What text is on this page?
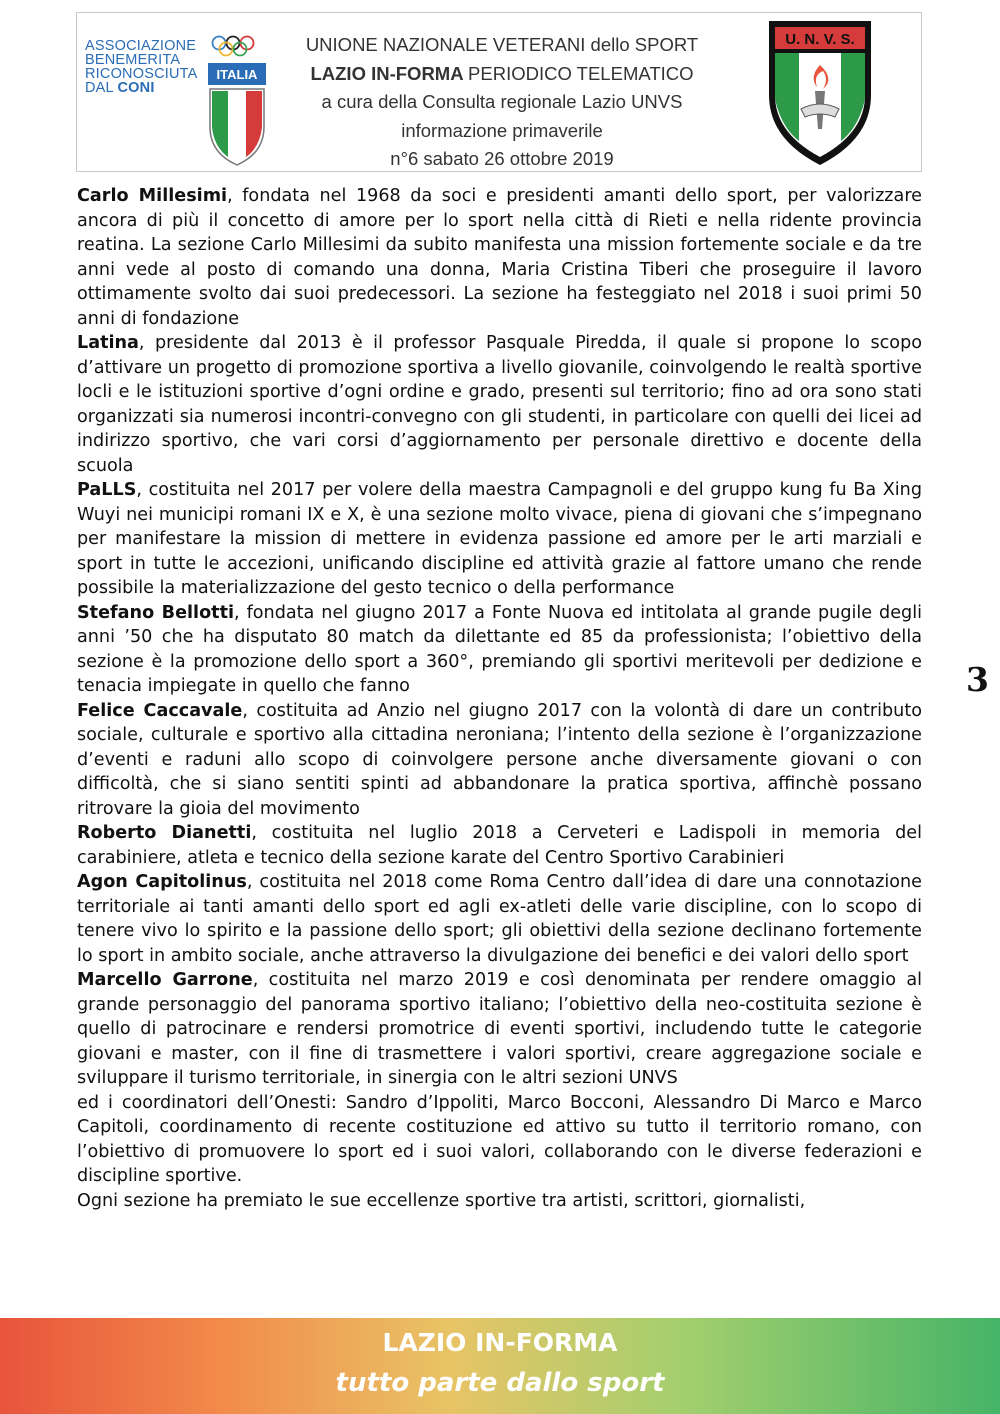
ASSOCIAZIONE
BENEMERITA
RICONOSCIUTA
DAL CONI
ITALIA
UNIONE NAZIONALE VETERANI dello SPORT
LAZIO IN-FORMA PERIODICO TELEMATICO
a cura della Consulta regionale Lazio UNVS
informazione primaverile
n°6 sabato 26 ottobre 2019
U. N. V. S.

Carlo Millesimi, fondata nel 1968 da soci e presidenti amanti dello sport, per valorizzare ancora di più il concetto di amore per lo sport nella città di Rieti e nella ridente provincia reatina. La sezione Carlo Millesimi da subito manifesta una mission fortemente sociale e da tre anni vede al posto di comando una donna, Maria Cristina Tiberi che proseguire il lavoro ottimamente svolto dai suoi predecessori. La sezione ha festeggiato nel 2018 i suoi primi 50 anni di fondazione

Latina, presidente dal 2013 è il professor Pasquale Piredda, il quale si propone lo scopo d’attivare un progetto di promozione sportiva a livello giovanile, coinvolgendo le realtà sportive locli e le istituzioni sportive d’ogni ordine e grado, presenti sul territorio; fino ad ora sono stati organizzati sia numerosi incontri-convegno con gli studenti, in particolare con quelli dei licei ad indirizzo sportivo, che vari corsi d’aggiornamento per personale direttivo e docente della scuola

PaLLS, costituita nel 2017 per volere della maestra Campagnoli e del gruppo kung fu Ba Xing Wuyi nei municipi romani IX e X, è una sezione molto vivace, piena di giovani che s’impegnano per manifestare la mission di mettere in evidenza passione ed amore per le arti marziali e sport in tutte le accezioni, unificando discipline ed attività grazie al fattore umano che rende possibile la materializzazione del gesto tecnico o della performance

Stefano Bellotti, fondata nel giugno 2017 a Fonte Nuova ed intitolata al grande pugile degli anni ’50 che ha disputato 80 match da dilettante ed 85 da professionista; l’obiettivo della sezione è la promozione dello sport a 360°, premiando gli sportivi meritevoli per dedizione e tenacia impiegate in quello che fanno

Felice Caccavale, costituita ad Anzio nel giugno 2017 con la volontà di dare un contributo sociale, culturale e sportivo alla cittadina neroniana; l’intento della sezione è l’organizzazione d’eventi e raduni allo scopo di coinvolgere persone anche diversamente giovani o con difficoltà, che si siano sentiti spinti ad abbandonare la pratica sportiva, affinchè possano ritrovare la gioia del movimento

Roberto Dianetti, costituita nel luglio 2018 a Cerveteri e Ladispoli in memoria del carabiniere, atleta e tecnico della sezione karate del Centro Sportivo Carabinieri

Agon Capitolinus, costituita nel 2018 come Roma Centro dall’idea di dare una connotazione territoriale ai tanti amanti dello sport ed agli ex-atleti delle varie discipline, con lo scopo di tenere vivo lo spirito e la passione dello sport; gli obiettivi della sezione declinano fortemente lo sport in ambito sociale, anche attraverso la divulgazione dei benefici e dei valori dello sport

Marcello Garrone, costituita nel marzo 2019 e così denominata per rendere omaggio al grande personaggio del panorama sportivo italiano; l’obiettivo della neo-costituita sezione è quello di patrocinare e rendersi promotrice di eventi sportivi, includendo tutte le categorie giovani e master, con il fine di trasmettere i valori sportivi, creare aggregazione sociale e sviluppare il turismo territoriale, in sinergia con le altri sezioni UNVS

ed i coordinatori dell’Onesti: Sandro d’Ippoliti, Marco Bocconi, Alessandro Di Marco e Marco Capitoli, coordinamento di recente costituzione ed attivo su tutto il territorio romano, con l’obiettivo di promuovere lo sport ed i suoi valori, collaborando con le diverse federazioni e discipline sportive.

Ogni sezione ha premiato le sue eccellenze sportive tra artisti, scrittori, giornalisti,

3
LAZIO IN-FORMA
tutto parte dallo sport
